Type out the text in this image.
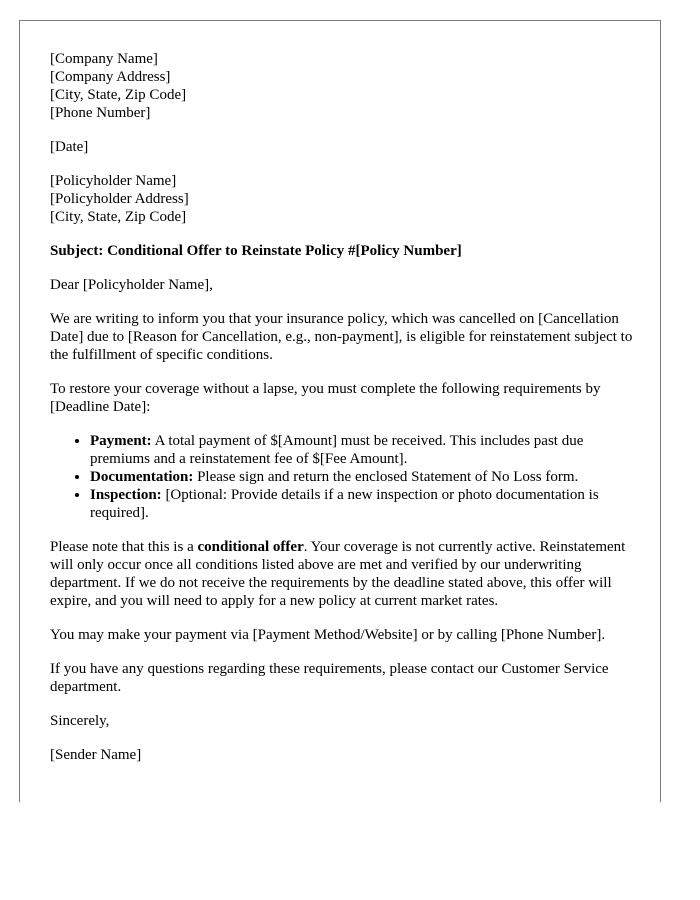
[Company Name]
[Company Address]
[City, State, Zip Code]
[Phone Number]
[Date]
[Policyholder Name]
[Policyholder Address]
[City, State, Zip Code]

Subject: Conditional Offer to Reinstate Policy #[Policy Number]

Dear [Policyholder Name],

We are writing to inform you that your insurance policy, which was cancelled on [Cancellation Date] due to [Reason for Cancellation, e.g., non-payment], is eligible for reinstatement subject to the fulfillment of specific conditions.

To restore your coverage without a lapse, you must complete the following requirements by [Deadline Date]:

• Payment: A total payment of $[Amount] must be received. This includes past due premiums and a reinstatement fee of $[Fee Amount].
• Documentation: Please sign and return the enclosed Statement of No Loss form.
• Inspection: [Optional: Provide details if a new inspection or photo documentation is required].

Please note that this is a conditional offer. Your coverage is not currently active. Reinstatement will only occur once all conditions listed above are met and verified by our underwriting department. If we do not receive the requirements by the deadline stated above, this offer will expire, and you will need to apply for a new policy at current market rates.

You may make your payment via [Payment Method/Website] or by calling [Phone Number].

If you have any questions regarding these requirements, please contact our Customer Service department.

Sincerely,

[Sender Name]
